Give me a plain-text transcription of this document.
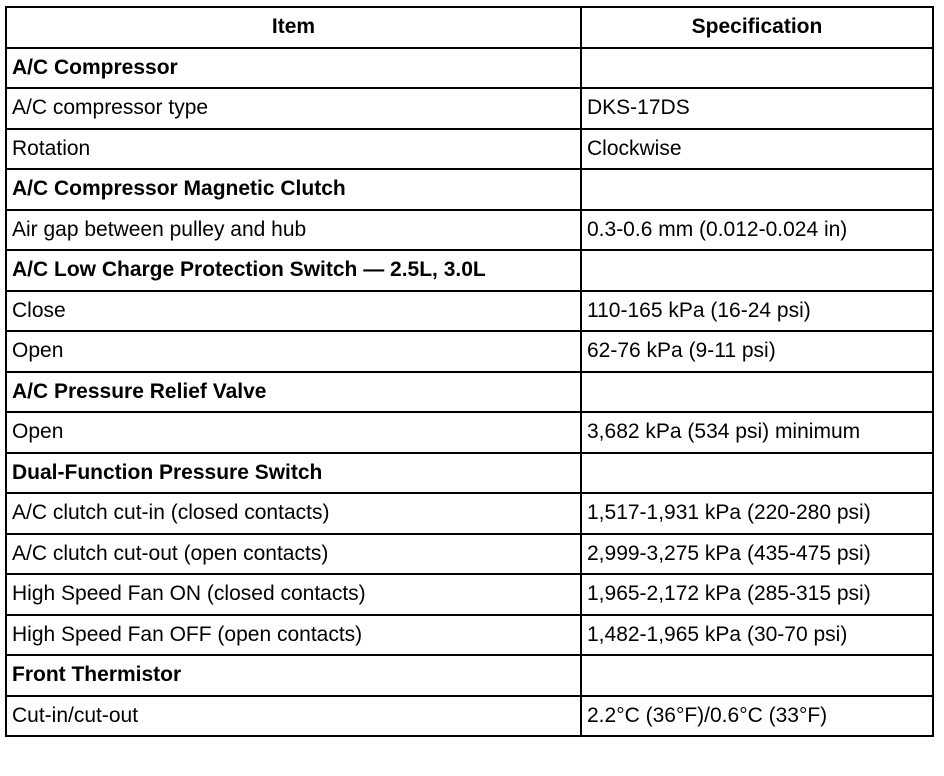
Item	Specification
A/C Compressor	
A/C compressor type	DKS-17DS
Rotation	Clockwise
A/C Compressor Magnetic Clutch	
Air gap between pulley and hub	0.3-0.6 mm (0.012-0.024 in)
A/C Low Charge Protection Switch — 2.5L, 3.0L	
Close	110-165 kPa (16-24 psi)
Open	62-76 kPa (9-11 psi)
A/C Pressure Relief Valve	
Open	3,682 kPa (534 psi) minimum
Dual-Function Pressure Switch	
A/C clutch cut-in (closed contacts)	1,517-1,931 kPa (220-280 psi)
A/C clutch cut-out (open contacts)	2,999-3,275 kPa (435-475 psi)
High Speed Fan ON (closed contacts)	1,965-2,172 kPa (285-315 psi)
High Speed Fan OFF (open contacts)	1,482-1,965 kPa (30-70 psi)
Front Thermistor	
Cut-in/cut-out	2.2°C (36°F)/0.6°C (33°F)
